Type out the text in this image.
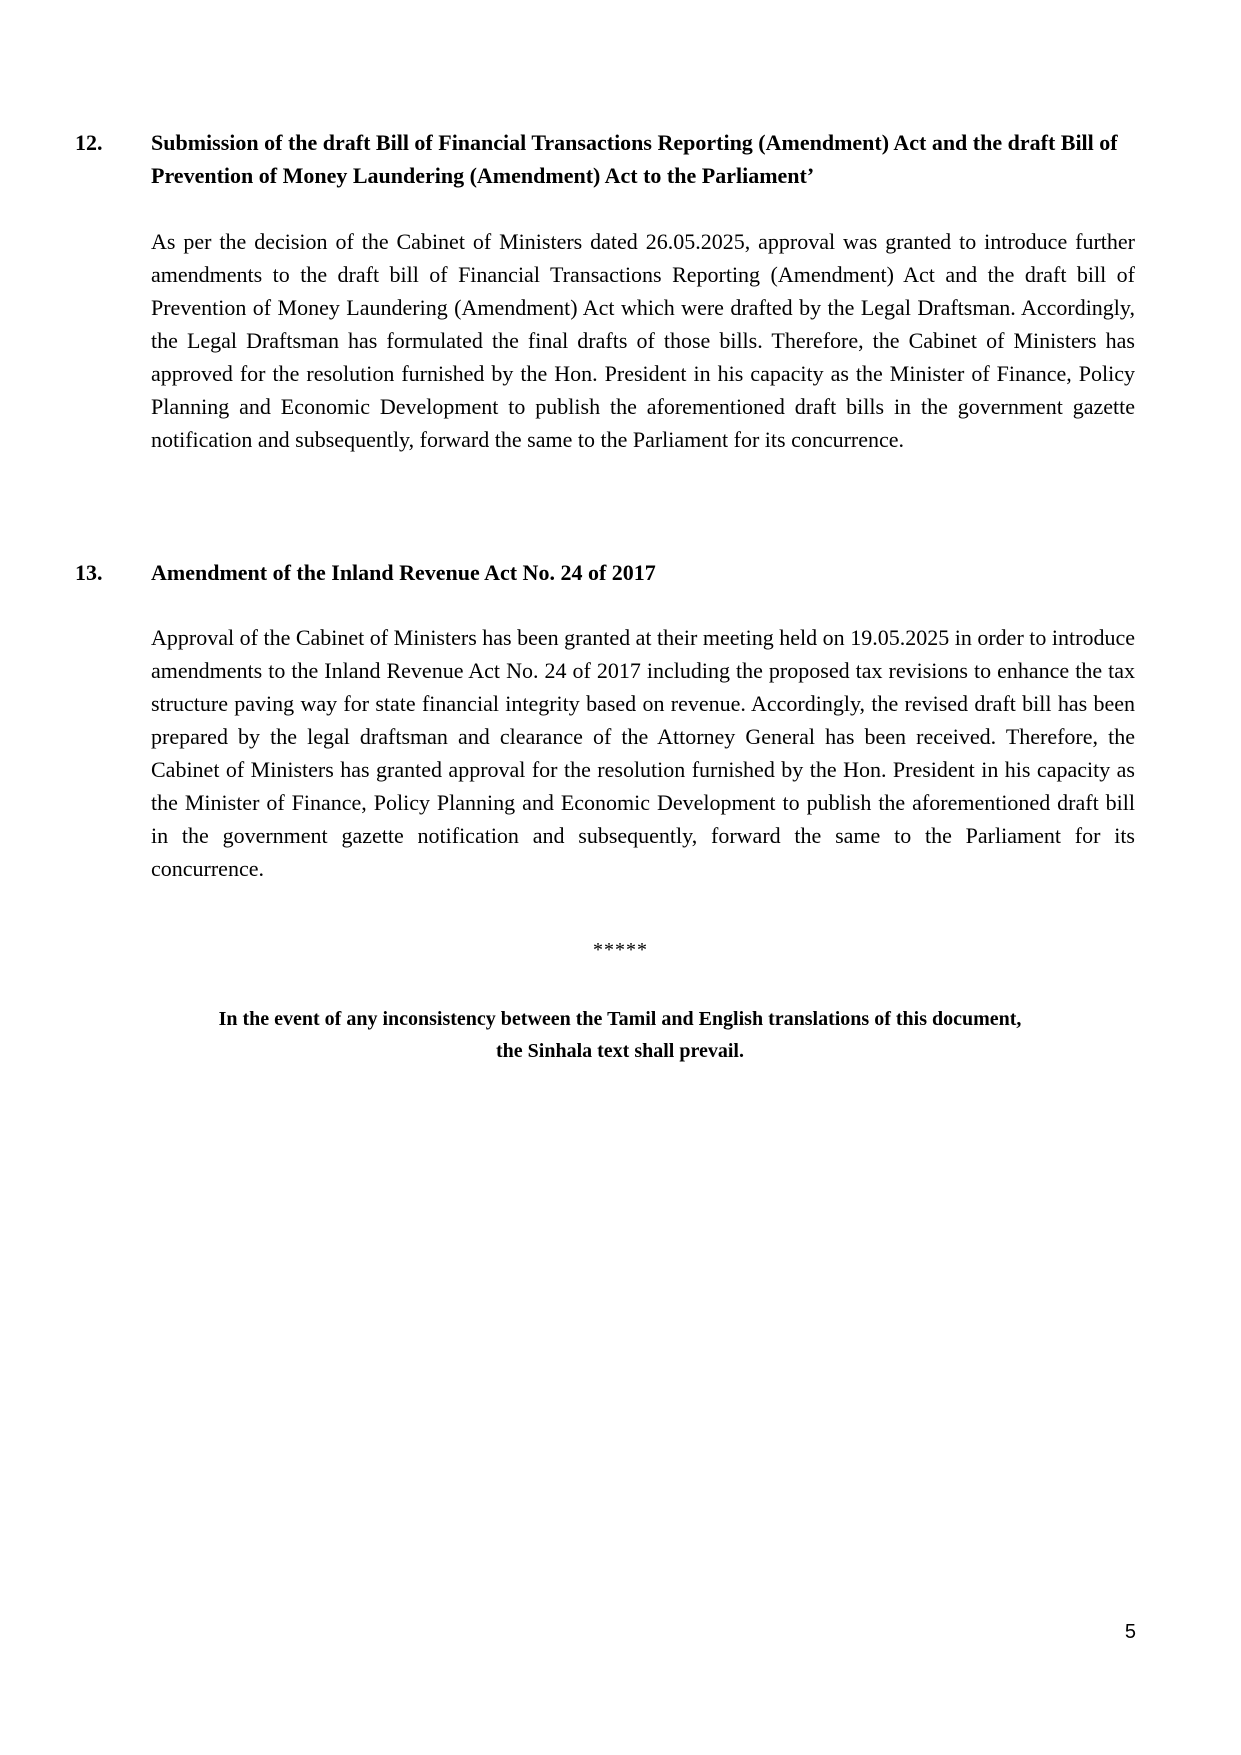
12.	Submission of the draft Bill of Financial Transactions Reporting (Amendment) Act and the draft Bill of Prevention of Money Laundering (Amendment) Act to the Parliament’
As per the decision of the Cabinet of Ministers dated 26.05.2025, approval was granted to introduce further amendments to the draft bill of Financial Transactions Reporting (Amendment) Act and the draft bill of Prevention of Money Laundering (Amendment) Act which were drafted by the Legal Draftsman. Accordingly, the Legal Draftsman has formulated the final drafts of those bills. Therefore, the Cabinet of Ministers has approved for the resolution furnished by the Hon. President in his capacity as the Minister of Finance, Policy Planning and Economic Development to publish the aforementioned draft bills in the government gazette notification and subsequently, forward the same to the Parliament for its concurrence.
13.	Amendment of the Inland Revenue Act No. 24 of 2017
Approval of the Cabinet of Ministers has been granted at their meeting held on 19.05.2025 in order to introduce amendments to the Inland Revenue Act No. 24 of 2017 including the proposed tax revisions to enhance the tax structure paving way for state financial integrity based on revenue. Accordingly, the revised draft bill has been prepared by the legal draftsman and clearance of the Attorney General has been received. Therefore, the Cabinet of Ministers has granted approval for the resolution furnished by the Hon. President in his capacity as the Minister of Finance, Policy Planning and Economic Development to publish the aforementioned draft bill in the government gazette notification and subsequently, forward the same to the Parliament for its concurrence.
*****
In the event of any inconsistency between the Tamil and English translations of this document,
the Sinhala text shall prevail.
5
